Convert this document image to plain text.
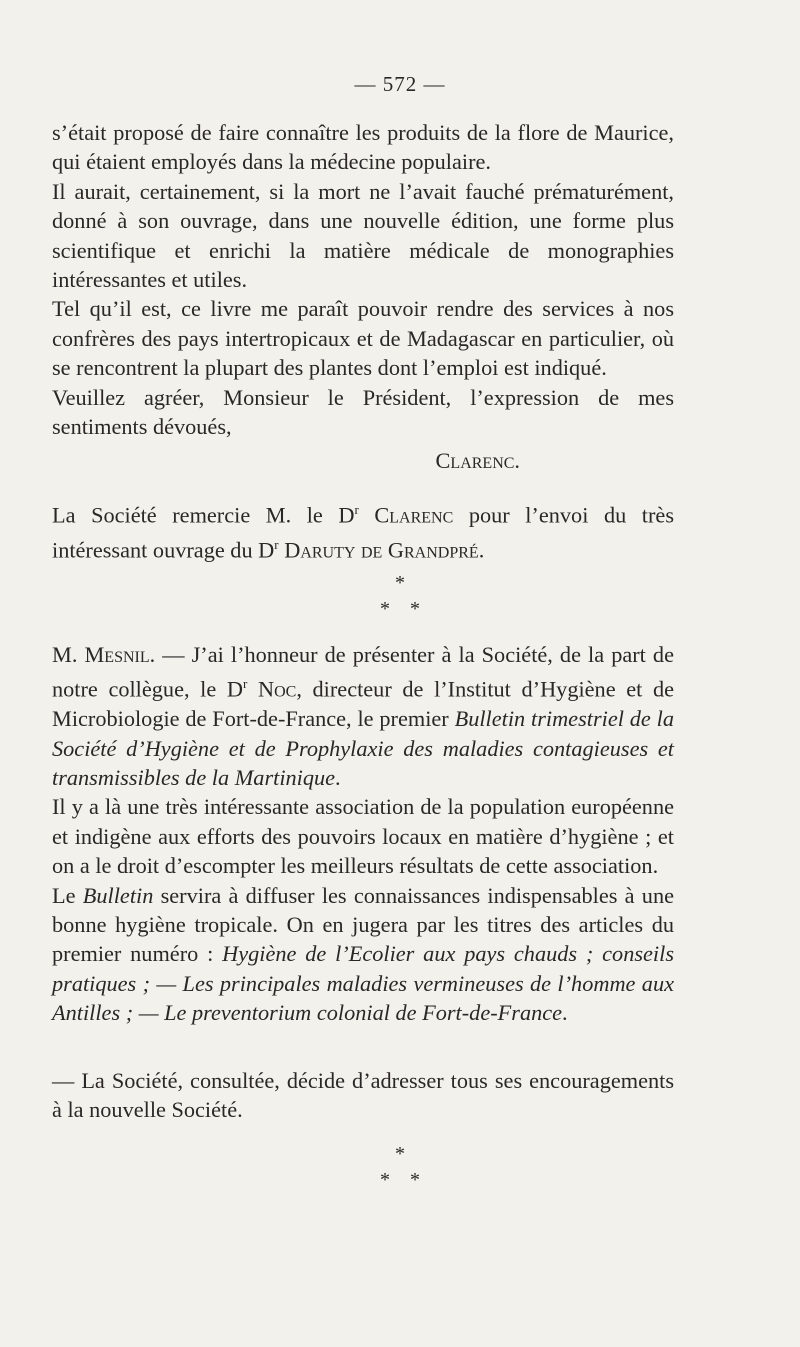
— 572 —

s’était proposé de faire connaître les produits de la flore de Maurice, qui étaient employés dans la médecine populaire.

Il aurait, certainement, si la mort ne l’avait fauché prématurément, donné à son ouvrage, dans une nouvelle édition, une forme plus scientifique et enrichi la matière médicale de monographies intéressantes et utiles.

Tel qu’il est, ce livre me paraît pouvoir rendre des services à nos confrères des pays intertropicaux et de Madagascar en particulier, où se rencontrent la plupart des plantes dont l’emploi est indiqué.

Veuillez agréer, Monsieur le Président, l’expression de mes sentiments dévoués,

Clarenc.

La Société remercie M. le $D^r$ Clarenc pour l’envoi du très intéressant ouvrage du $D^r$ Daruty de Grandpré.

*
* *

M. Mesnil. — J’ai l’honneur de présenter à la Société, de la part de notre collègue, le $D^r$ Noc, directeur de l’Institut d’Hygiène et de Microbiologie de Fort-de-France, le premier Bulletin trimestriel de la Société d’Hygiène et de Prophylaxie des maladies contagieuses et transmissibles de la Martinique.

Il y a là une très intéressante association de la population européenne et indigène aux efforts des pouvoirs locaux en matière d’hygiène ; et on a le droit d’escompter les meilleurs résultats de cette association.

Le Bulletin servira à diffuser les connaissances indispensables à une bonne hygiène tropicale. On en jugera par les titres des articles du premier numéro : Hygiène de l’Ecolier aux pays chauds ; conseils pratiques ; — Les principales maladies vermineuses de l’homme aux Antilles ; — Le preventorium colonial de Fort-de-France.

— La Société, consultée, décide d’adresser tous ses encouragements à la nouvelle Société.

*
* *
